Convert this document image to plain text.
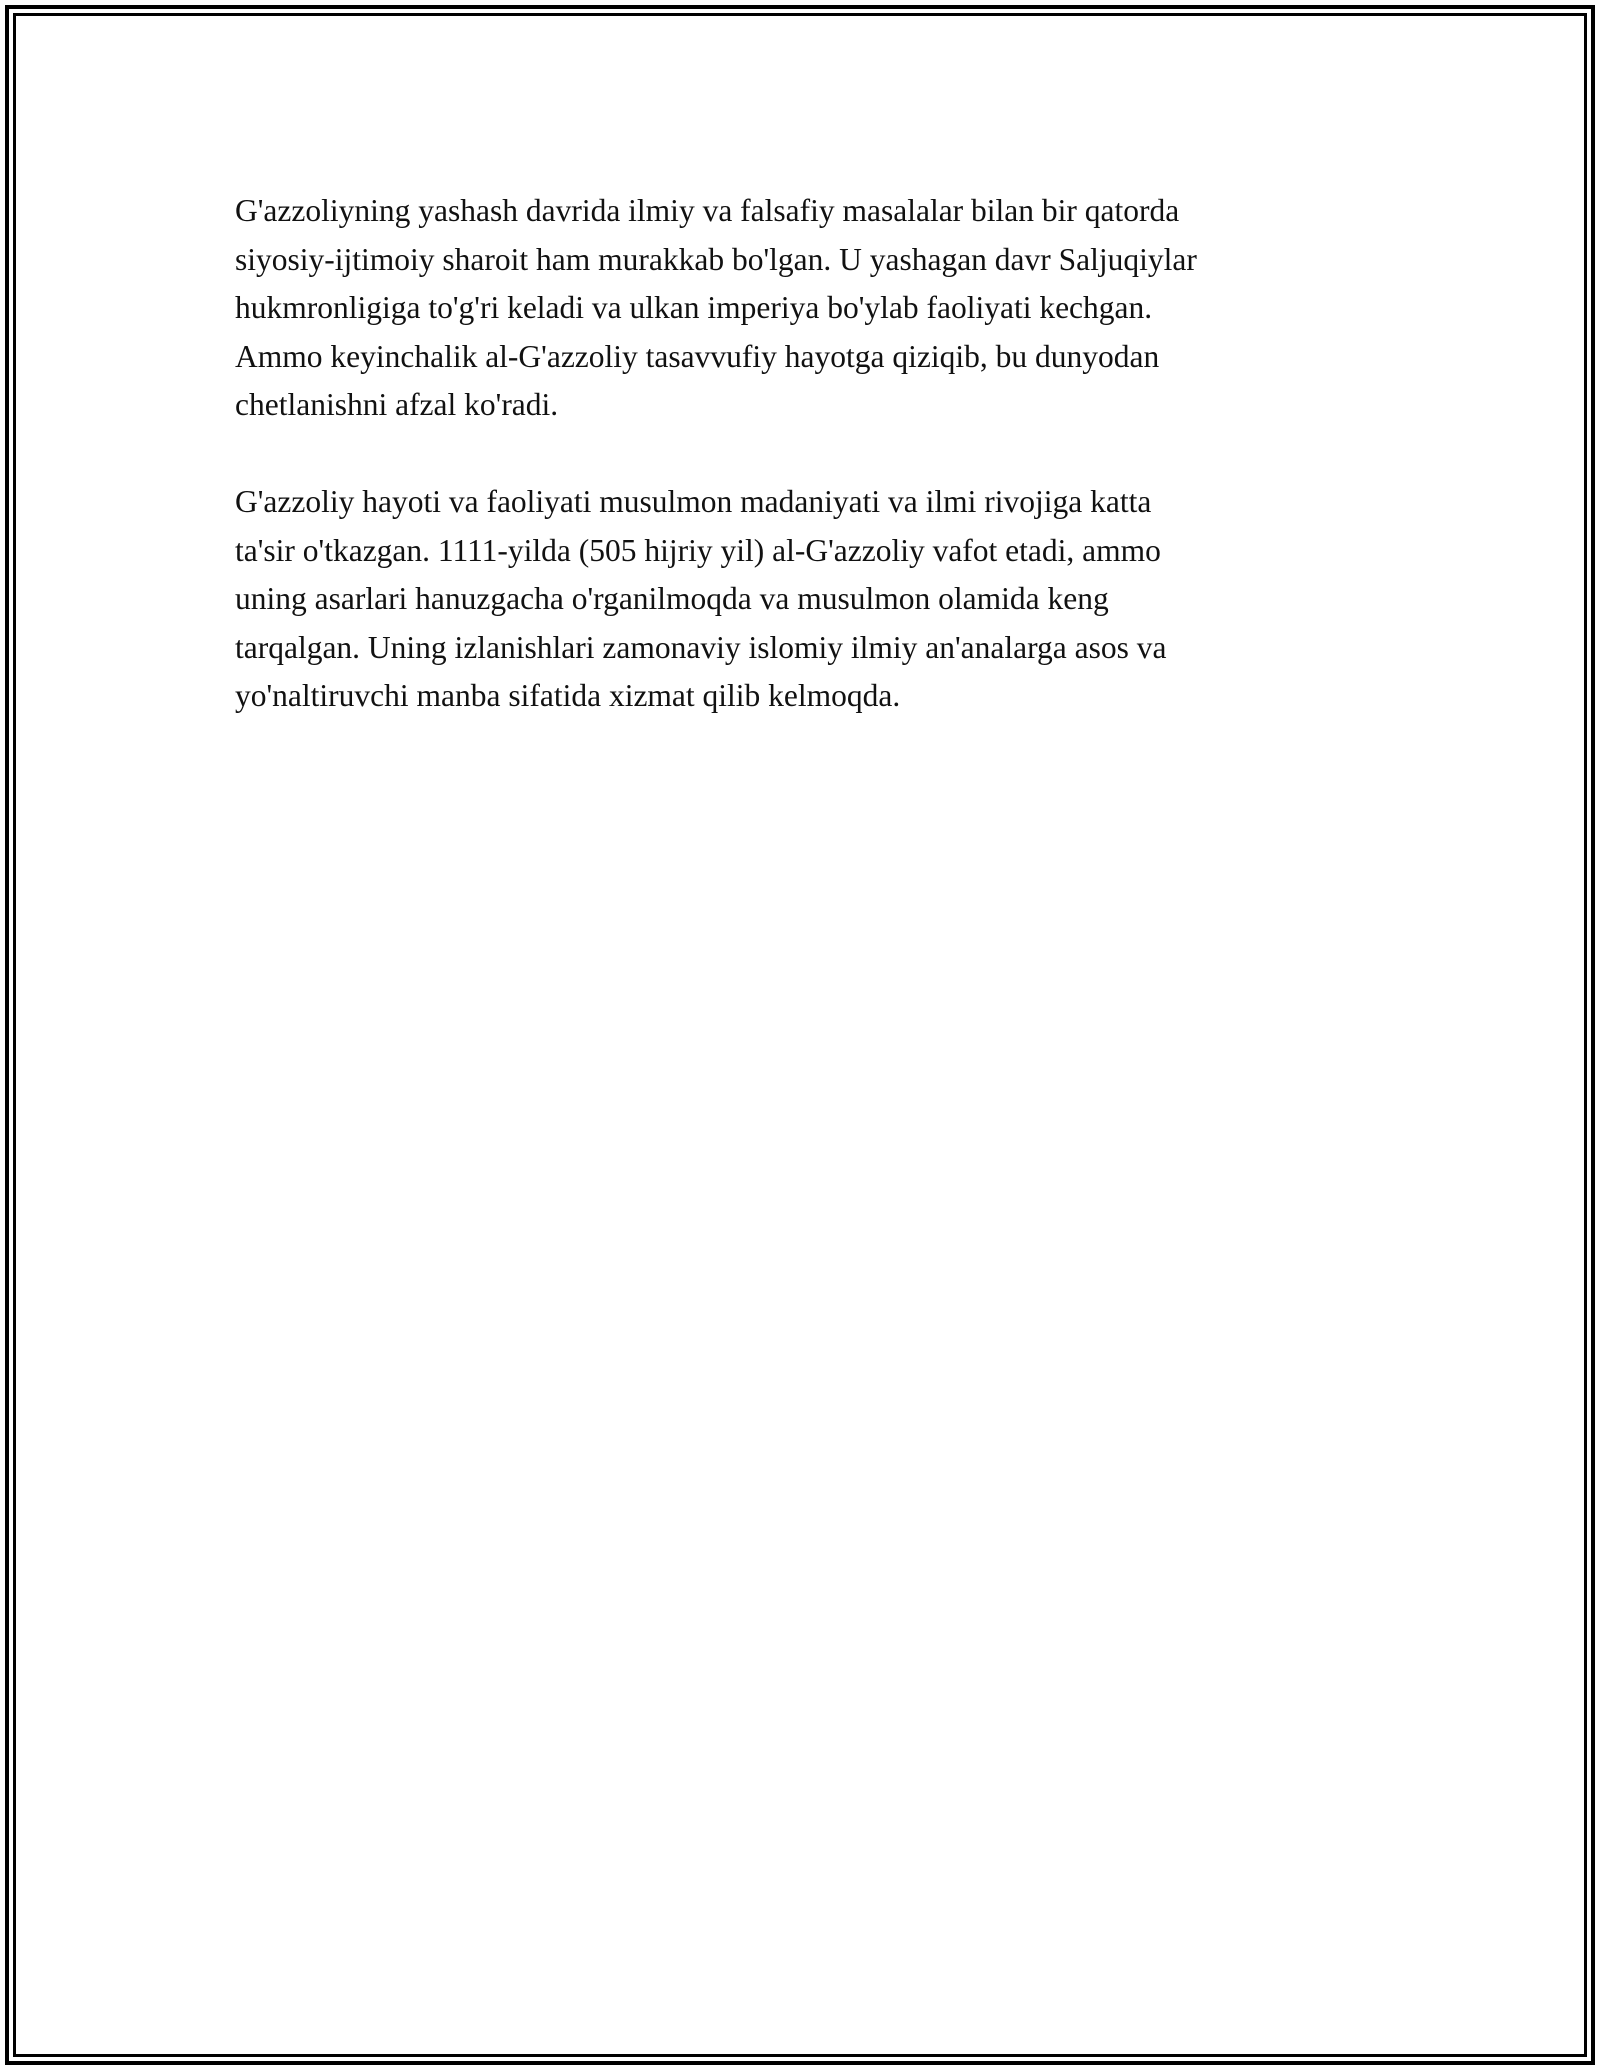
G'azzoliyning yashash davrida ilmiy va falsafiy masalalar bilan bir qatorda
siyosiy-ijtimoiy sharoit ham murakkab bo'lgan. U yashagan davr Saljuqiylar
hukmronligiga to'g'ri keladi va ulkan imperiya bo'ylab faoliyati kechgan.
Ammo keyinchalik al-G'azzoliy tasavvufiy hayotga qiziqib, bu dunyodan
chetlanishni afzal ko'radi.

G'azzoliy hayoti va faoliyati musulmon madaniyati va ilmi rivojiga katta
ta'sir o'tkazgan. 1111-yilda (505 hijriy yil) al-G'azzoliy vafot etadi, ammo
uning asarlari hanuzgacha o'rganilmoqda va musulmon olamida keng
tarqalgan. Uning izlanishlari zamonaviy islomiy ilmiy an'analarga asos va
yo'naltiruvchi manba sifatida xizmat qilib kelmoqda.
